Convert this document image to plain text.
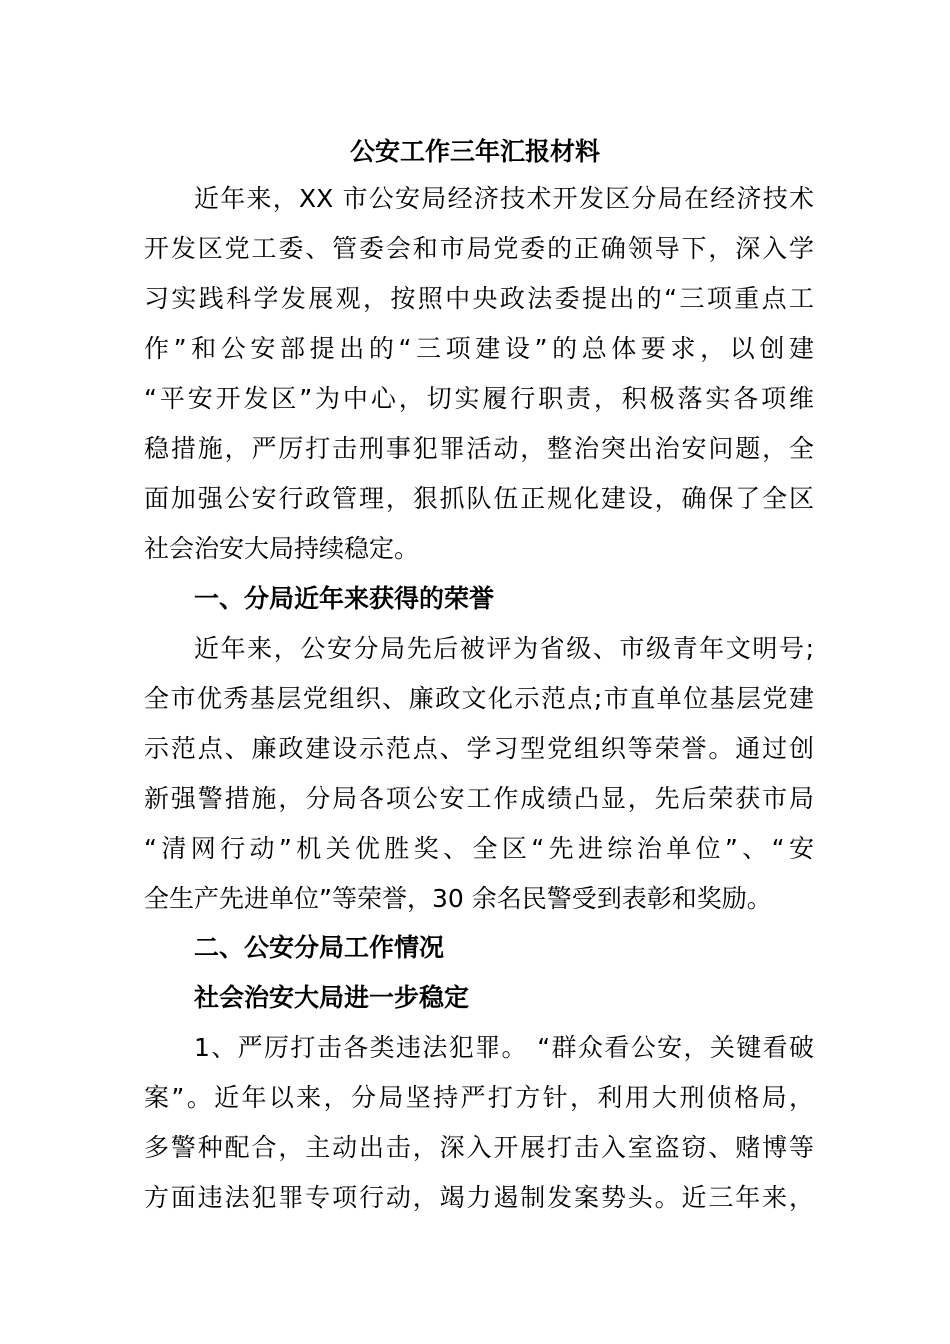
公安工作三年汇报材料
近年来，XX 市公安局经济技术开发区分局在经济技术
开发区党工委、管委会和市局党委的正确领导下，深入学
习实践科学发展观，按照中央政法委提出的“三项重点工
作”和公安部提出的“三项建设”的总体要求，以创建
“平安开发区”为中心，切实履行职责，积极落实各项维
稳措施，严厉打击刑事犯罪活动，整治突出治安问题，全
面加强公安行政管理，狠抓队伍正规化建设，确保了全区
社会治安大局持续稳定。
一、分局近年来获得的荣誉
近年来，公安分局先后被评为省级、市级青年文明号;
全市优秀基层党组织、廉政文化示范点;市直单位基层党建
示范点、廉政建设示范点、学习型党组织等荣誉。通过创
新强警措施，分局各项公安工作成绩凸显，先后荣获市局
“清网行动”机关优胜奖、全区“先进综治单位”、“安
全生产先进单位”等荣誉，30 余名民警受到表彰和奖励。
二、公安分局工作情况
社会治安大局进一步稳定
1、严厉打击各类违法犯罪。 “群众看公安，关键看破
案”。近年以来，分局坚持严打方针，利用大刑侦格局，
多警种配合，主动出击，深入开展打击入室盗窃、赌博等
方面违法犯罪专项行动，竭力遏制发案势头。近三年来，
